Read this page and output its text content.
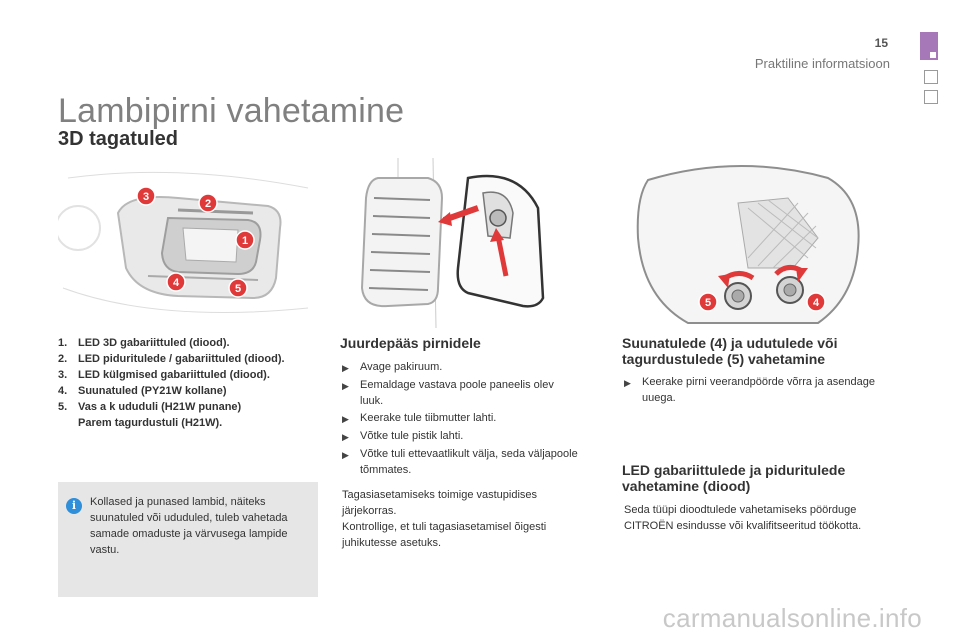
15
Praktiline informatsioon
Lambipirni vahetamine
3D tagatuled
3
2
1
4	5
5	4
1. LED 3D gabariittuled (diood).
2. LED piduritulede / gabariittuled (diood).
3. LED külgmised gabariittuled (diood).
4. Suunatuled (PY21W kollane)
5. Vas a k ududuli (H21W punane)
Parem tagurdustuli (H21W).
i	Kollased ja punased lambid, näiteks suunatuled või ududuled, tuleb vahetada samade omaduste ja värvusega lampide vastu.

Juurdepääs pirnidele
▶	Avage pakiruum.
▶	Eemaldage vastava poole paneelis olev luuk.
▶	Keerake tule tiibmutter lahti.
▶	Võtke tule pistik lahti.
▶	Võtke tuli ettevaatlikult välja, seda väljapoole tõmmates.

Tagasiasetamiseks toimige vastupidises järjekorras.
Kontrollige, et tuli tagasiasetamisel õigesti juhikutesse asetuks.

Suunatulede (4) ja udutulede või tagurdustulede (5) vahetamine
▶	Keerake pirni veerandpöörde võrra ja asendage uuega.
LED gabariittulede ja piduritulede vahetamine (diood)

Seda tüüpi dioodtulede vahetamiseks pöörduge CITROËN esindusse või kvalifitseeritud töökotta.

carmanualsonline.info
